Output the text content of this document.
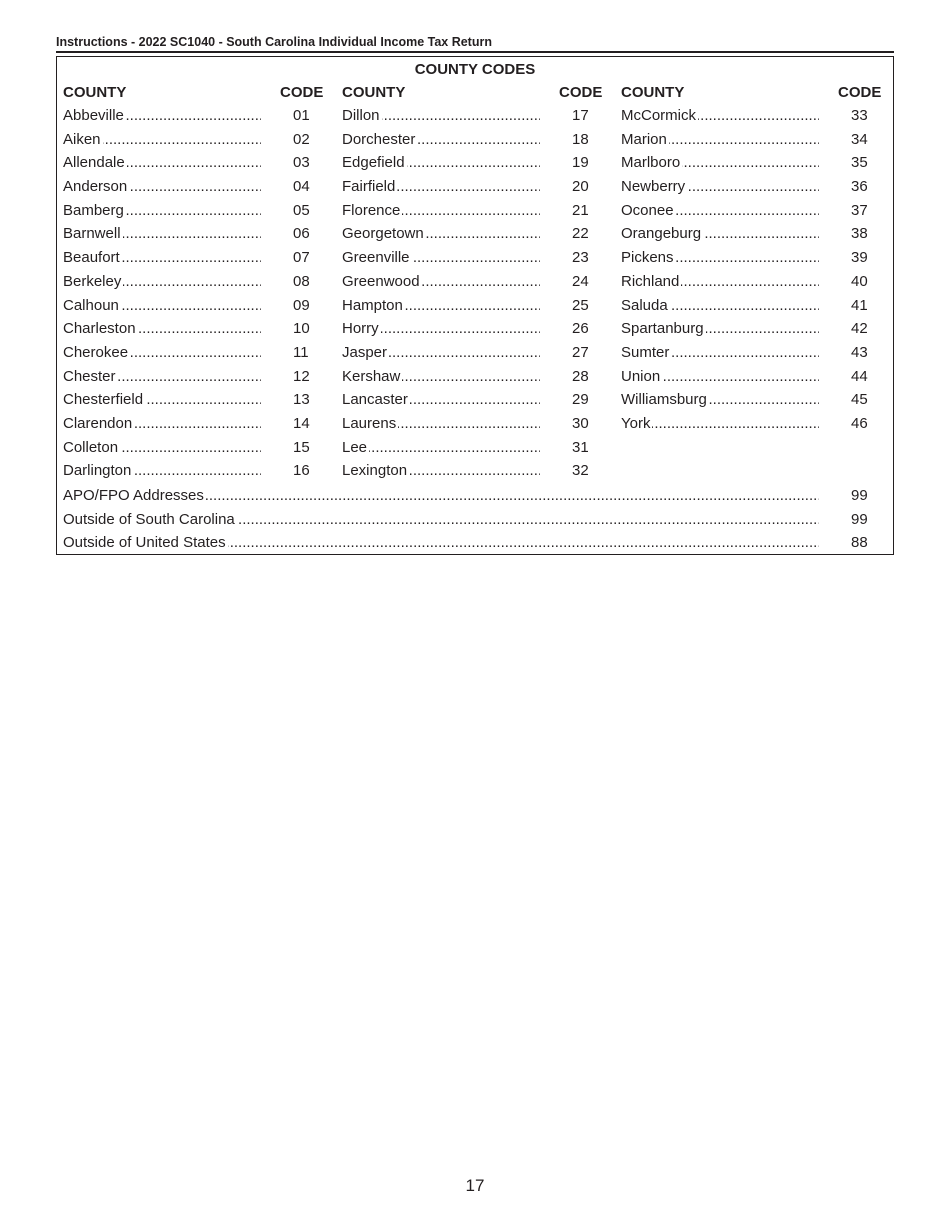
Instructions - 2022 SC1040 - South Carolina Individual Income Tax Return
COUNTY CODES
COUNTY	CODE
Abbeville .....	01
Aiken .....	02
Allendale .....	03
Anderson .....	04
Bamberg .....	05
Barnwell .....	06
Beaufort .....	07
Berkeley .....	08
Calhoun .....	09
Charleston .....	10
Cherokee .....	11
Chester .....	12
Chesterfield .....	13
Clarendon .....	14
Colleton .....	15
Darlington .....	16
COUNTY	CODE
Dillon .....	17
Dorchester .....	18
Edgefield .....	19
Fairfield .....	20
Florence .....	21
Georgetown .....	22
Greenville .....	23
Greenwood .....	24
Hampton .....	25
Horry .....	26
Jasper .....	27
Kershaw .....	28
Lancaster .....	29
Laurens .....	30
Lee .....	31
Lexington .....	32
COUNTY	CODE
McCormick .....	33
Marion .....	34
Marlboro .....	35
Newberry .....	36
Oconee .....	37
Orangeburg .....	38
Pickens .....	39
Richland .....	40
Saluda .....	41
Spartanburg .....	42
Sumter .....	43
Union .....	44
Williamsburg .....	45
York .....	46
APO/FPO Addresses .....	99
Outside of South Carolina .....	99
Outside of United States .....	88
17
